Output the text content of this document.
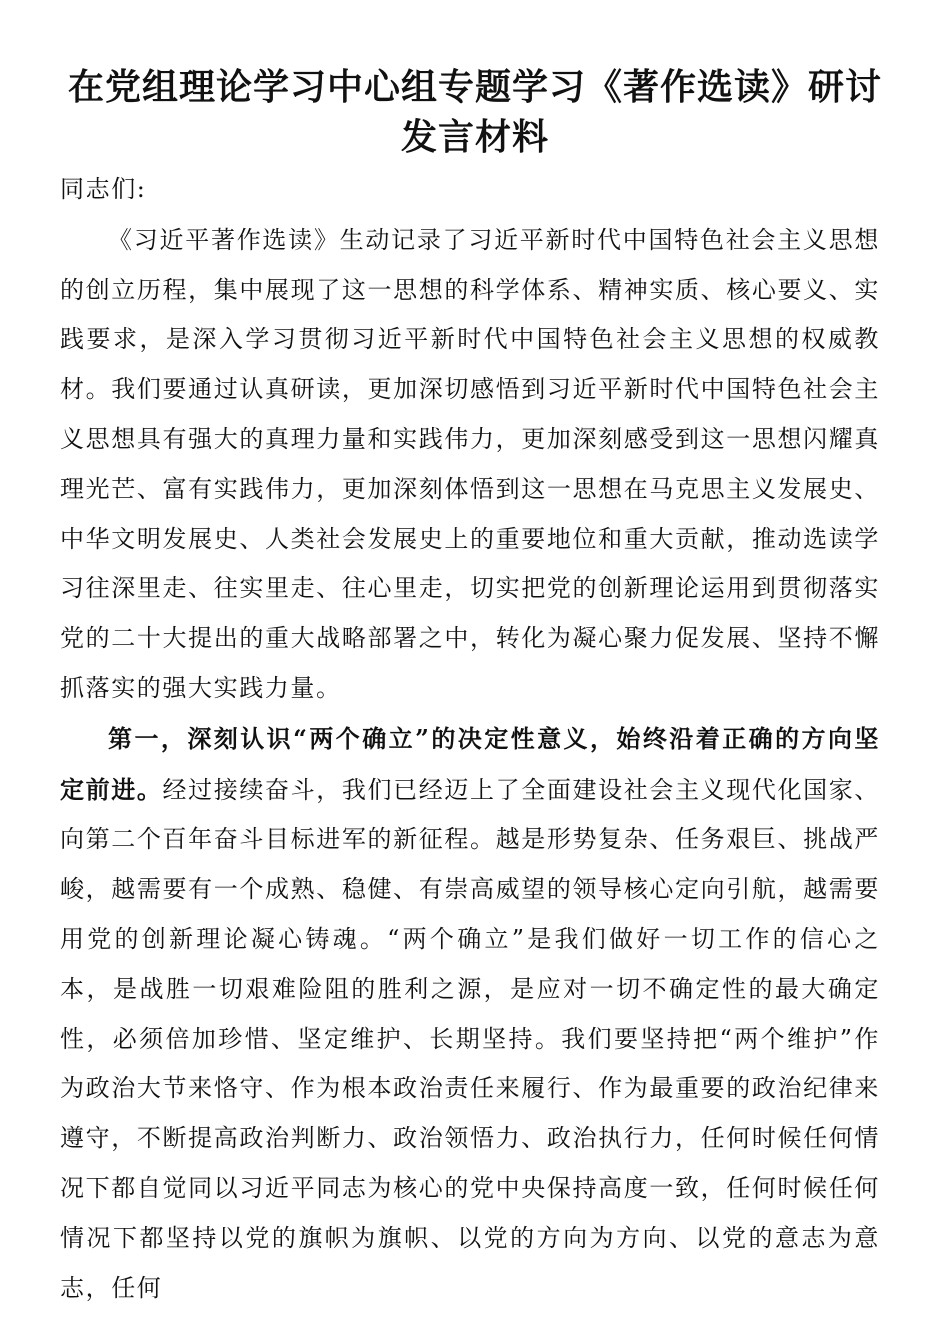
在党组理论学习中心组专题学习《著作选读》研讨发言材料

同志们:

《习近平著作选读》生动记录了习近平新时代中国特色社会主义思想的创立历程，集中展现了这一思想的科学体系、精神实质、核心要义、实践要求，是深入学习贯彻习近平新时代中国特色社会主义思想的权威教材。我们要通过认真研读，更加深切感悟到习近平新时代中国特色社会主义思想具有强大的真理力量和实践伟力，更加深刻感受到这一思想闪耀真理光芒、富有实践伟力，更加深刻体悟到这一思想在马克思主义发展史、中华文明发展史、人类社会发展史上的重要地位和重大贡献，推动选读学习往深里走、往实里走、往心里走，切实把党的创新理论运用到贯彻落实党的二十大提出的重大战略部署之中，转化为凝心聚力促发展、坚持不懈抓落实的强大实践力量。

第一，深刻认识“两个确立”的决定性意义，始终沿着正确的方向坚定前进。经过接续奋斗，我们已经迈上了全面建设社会主义现代化国家、向第二个百年奋斗目标进军的新征程。越是形势复杂、任务艰巨、挑战严峻，越需要有一个成熟、稳健、有崇高威望的领导核心定向引航，越需要用党的创新理论凝心铸魂。“两个确立”是我们做好一切工作的信心之本，是战胜一切艰难险阻的胜利之源，是应对一切不确定性的最大确定性，必须倍加珍惜、坚定维护、长期坚持。我们要坚持把“两个维护”作为政治大节来恪守、作为根本政治责任来履行、作为最重要的政治纪律来遵守，不断提高政治判断力、政治领悟力、政治执行力，任何时候任何情况下都自觉同以习近平同志为核心的党中央保持高度一致，任何时候任何情况下都坚持以党的旗帜为旗帜、以党的方向为方向、以党的意志为意志，任何
